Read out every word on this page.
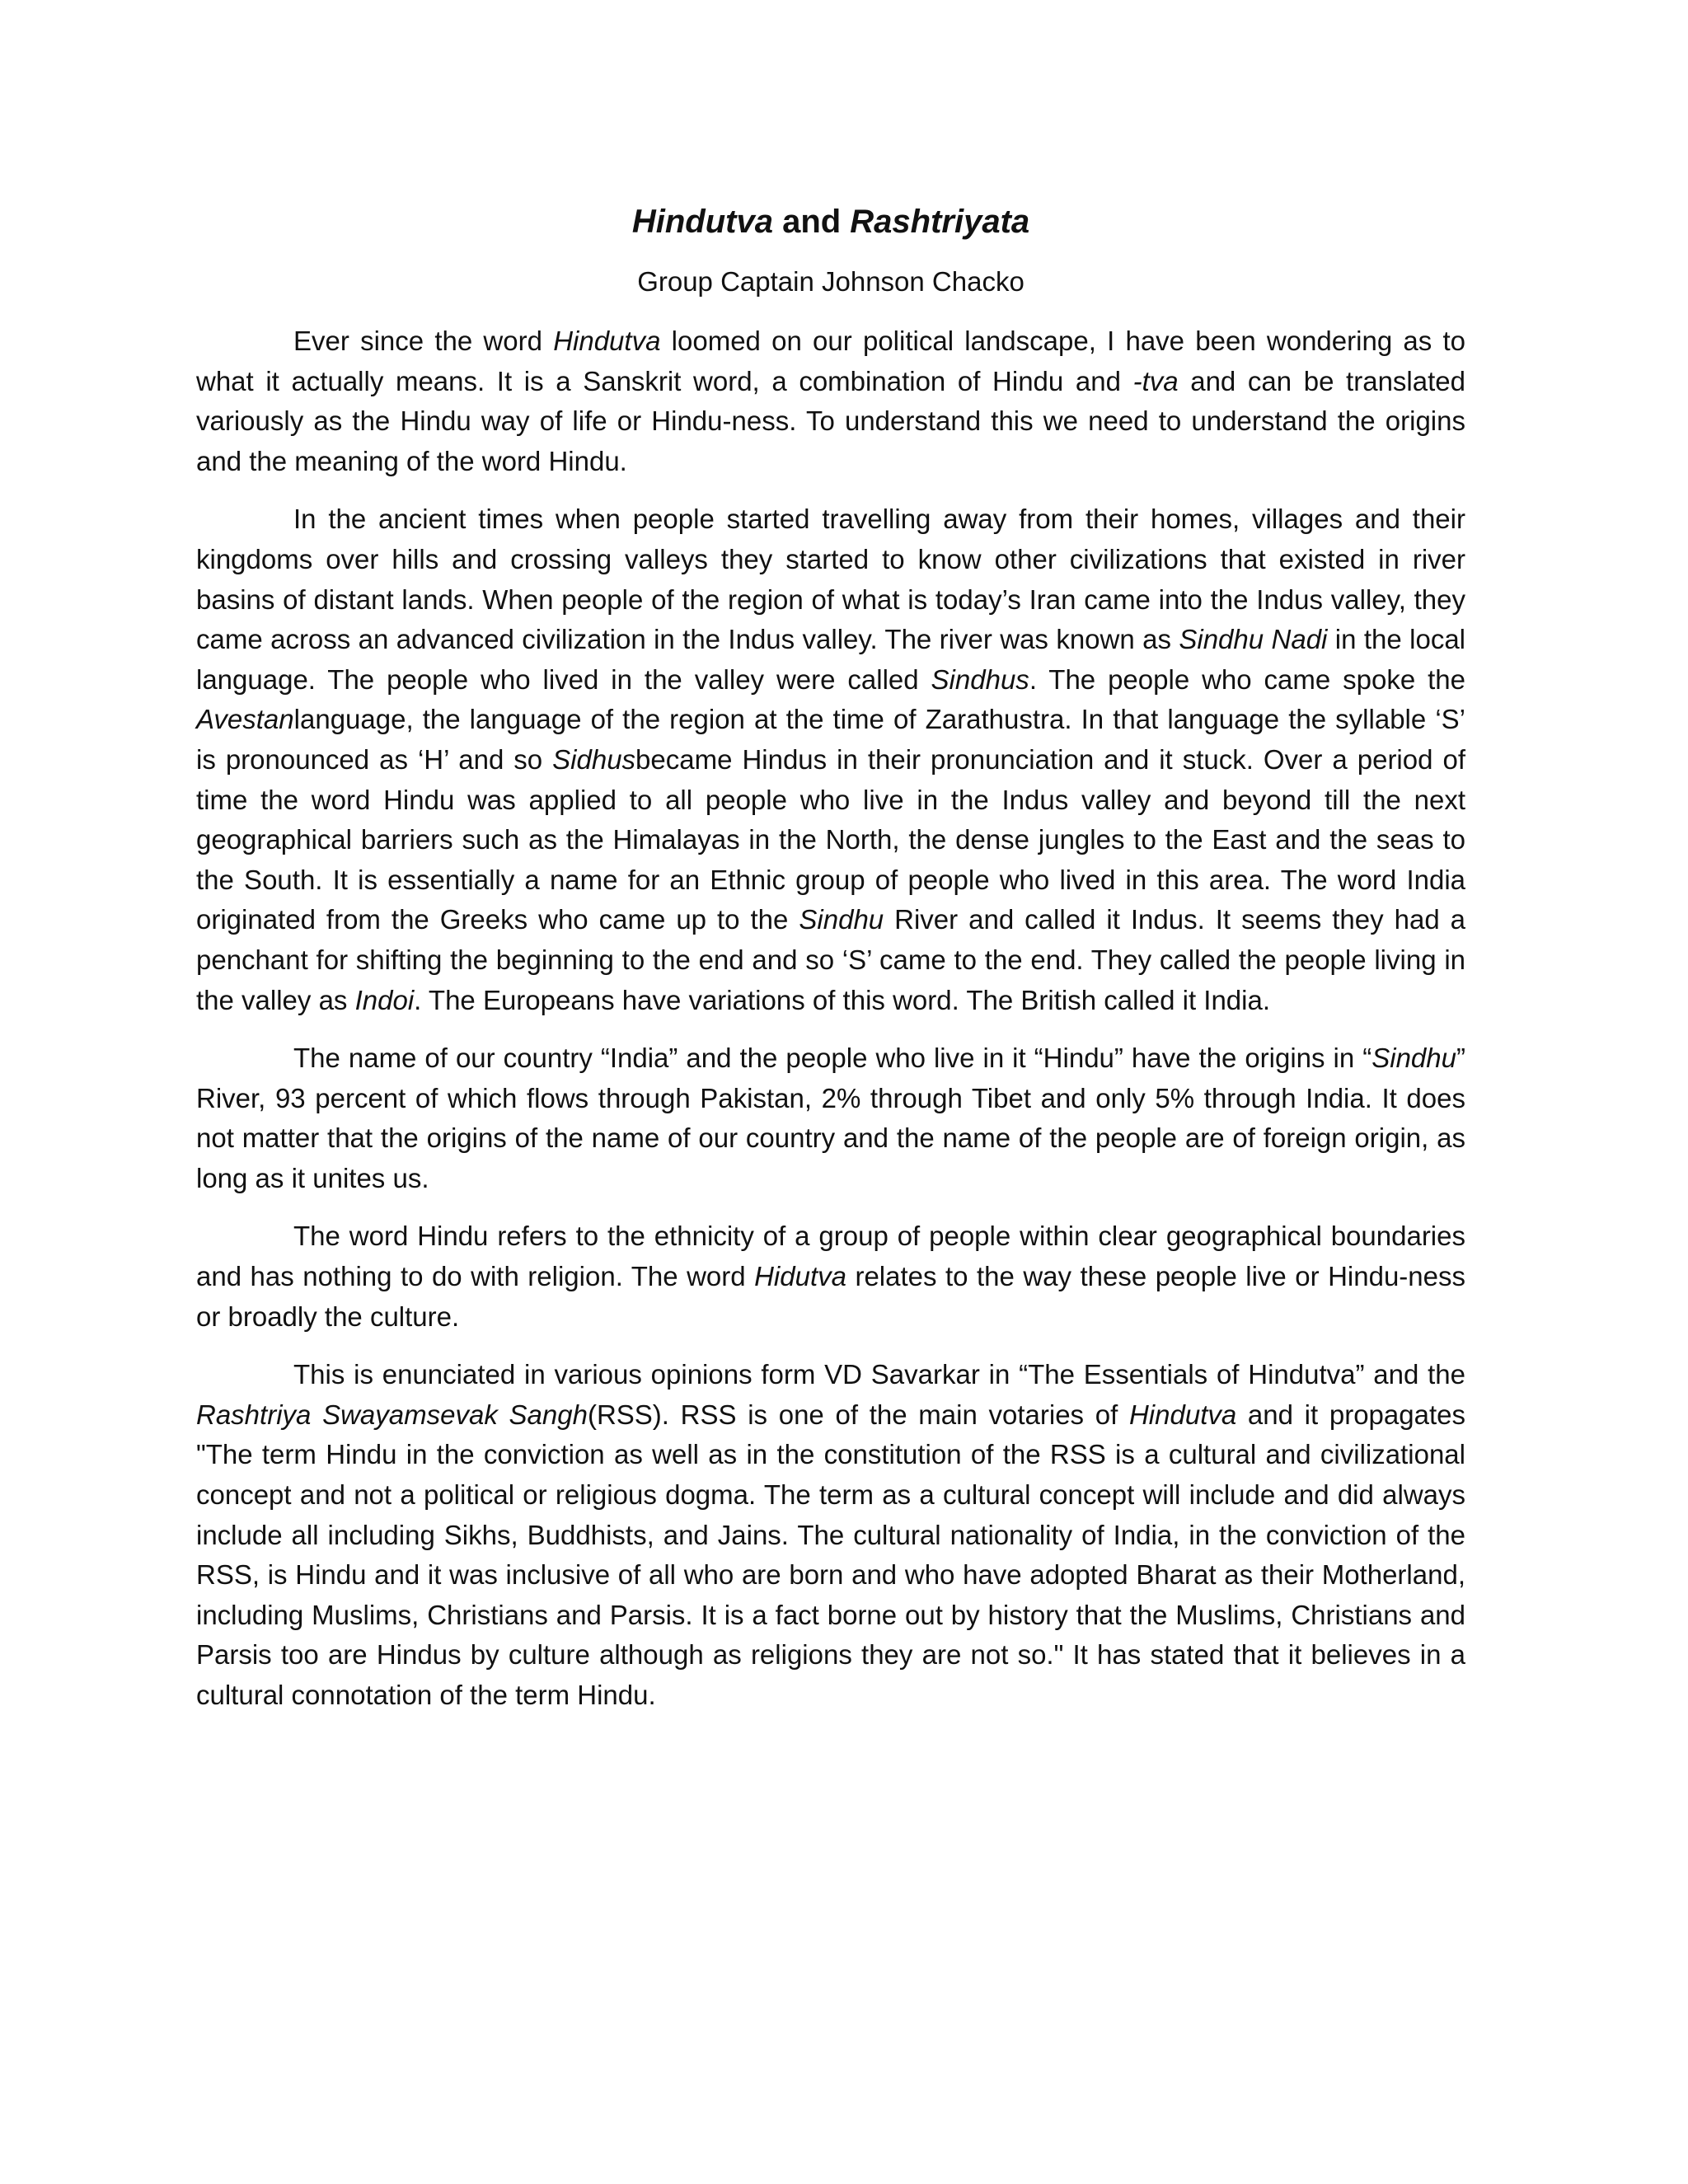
Hindutva and Rashtriyata

Group Captain Johnson Chacko

Ever since the word Hindutva loomed on our political landscape, I have been wondering as to what it actually means. It is a Sanskrit word, a combination of Hindu and -tva and can be translated variously as the Hindu way of life or Hindu-ness. To understand this we need to understand the origins and the meaning of the word Hindu.

In the ancient times when people started travelling away from their homes, villages and their kingdoms over hills and crossing valleys they started to know other civilizations that existed in river basins of distant lands. When people of the region of what is today’s Iran came into the Indus valley, they came across an advanced civilization in the Indus valley. The river was known as Sindhu Nadi in the local language. The people who lived in the valley were called Sindhus. The people who came spoke the Avestanlanguage, the language of the region at the time of Zarathustra. In that language the syllable ‘S’ is pronounced as ‘H’ and so Sidhusbecame Hindus in their pronunciation and it stuck. Over a period of time the word Hindu was applied to all people who live in the Indus valley and beyond till the next geographical barriers such as the Himalayas in the North, the dense jungles to the East and the seas to the South. It is essentially a name for an Ethnic group of people who lived in this area. The word India originated from the Greeks who came up to the Sindhu River and called it Indus. It seems they had a penchant for shifting the beginning to the end and so ‘S’ came to the end. They called the people living in the valley as Indoi. The Europeans have variations of this word. The British called it India.

The name of our country “India” and the people who live in it “Hindu” have the origins in “Sindhu” River, 93 percent of which flows through Pakistan, 2% through Tibet and only 5% through India. It does not matter that the origins of the name of our country and the name of the people are of foreign origin, as long as it unites us.

The word Hindu refers to the ethnicity of a group of people within clear geographical boundaries and has nothing to do with religion. The word Hidutva relates to the way these people live or Hindu-ness or broadly the culture.

This is enunciated in various opinions form VD Savarkar in “The Essentials of Hindutva” and the Rashtriya Swayamsevak Sangh(RSS). RSS is one of the main votaries of Hindutva and it propagates "The term Hindu in the conviction as well as in the constitution of the RSS is a cultural and civilizational concept and not a political or religious dogma. The term as a cultural concept will include and did always include all including Sikhs, Buddhists, and Jains. The cultural nationality of India, in the conviction of the RSS, is Hindu and it was inclusive of all who are born and who have adopted Bharat as their Motherland, including Muslims, Christians and Parsis. It is a fact borne out by history that the Muslims, Christians and Parsis too are Hindus by culture although as religions they are not so." It has stated that it believes in a cultural connotation of the term Hindu.
